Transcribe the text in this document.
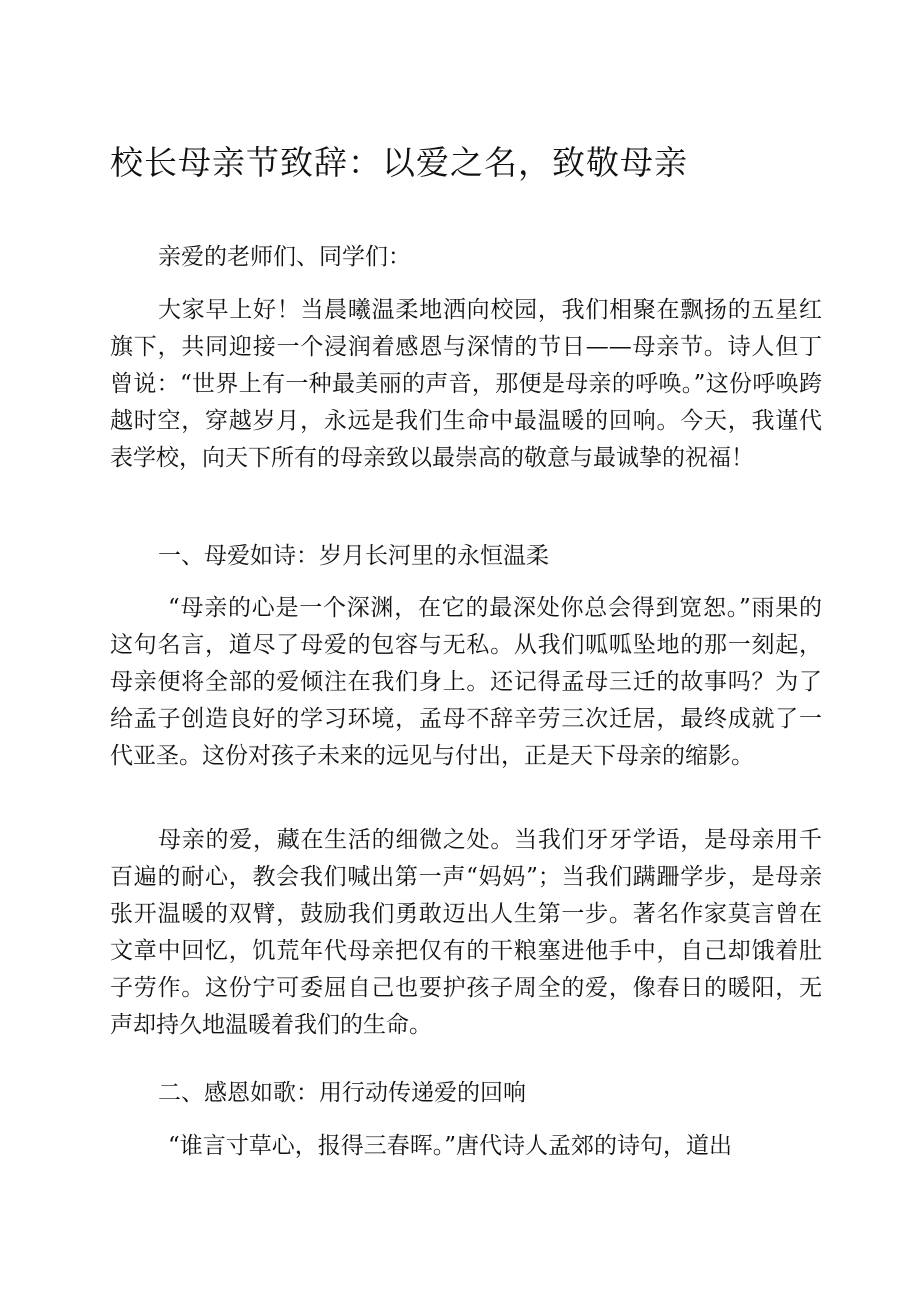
校长母亲节致辞：以爱之名，致敬母亲

亲爱的老师们、同学们：

大家早上好！当晨曦温柔地洒向校园，我们相聚在飘扬的五星红旗下，共同迎接一个浸润着感恩与深情的节日——母亲节。诗人但丁曾说：“世界上有一种最美丽的声音，那便是母亲的呼唤。”这份呼唤跨越时空，穿越岁月，永远是我们生命中最温暖的回响。今天，我谨代表学校，向天下所有的母亲致以最崇高的敬意与最诚挚的祝福！

一、母爱如诗：岁月长河里的永恒温柔

“母亲的心是一个深渊，在它的最深处你总会得到宽恕。”雨果的这句名言，道尽了母爱的包容与无私。从我们呱呱坠地的那一刻起，母亲便将全部的爱倾注在我们身上。还记得孟母三迁的故事吗？为了给孟子创造良好的学习环境，孟母不辞辛劳三次迁居，最终成就了一代亚圣。这份对孩子未来的远见与付出，正是天下母亲的缩影。

母亲的爱，藏在生活的细微之处。当我们牙牙学语，是母亲用千百遍的耐心，教会我们喊出第一声“妈妈”；当我们蹒跚学步，是母亲张开温暖的双臂，鼓励我们勇敢迈出人生第一步。著名作家莫言曾在文章中回忆，饥荒年代母亲把仅有的干粮塞进他手中，自己却饿着肚子劳作。这份宁可委屈自己也要护孩子周全的爱，像春日的暖阳，无声却持久地温暖着我们的生命。

二、感恩如歌：用行动传递爱的回响

“谁言寸草心，报得三春晖。”唐代诗人孟郊的诗句，道出
